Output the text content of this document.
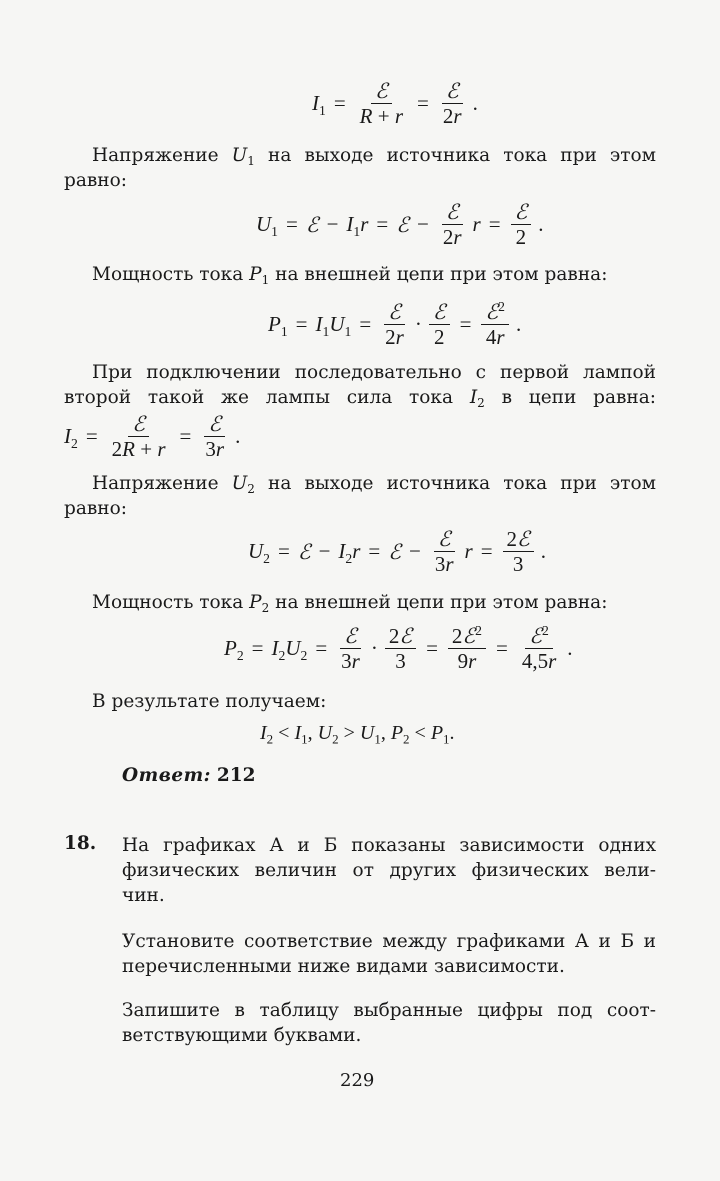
$I_1 = \frac{\text{ℰ}}{R + r} = \frac{\text{ℰ}}{2r}$ .
Напряжение $U_1$ на выходе источника тока при этом
равно:
$U_1$ = ℰ − $I_1r$ = ℰ − $\frac{\text{ℰ}}{2r}$ $r = \frac{\text{ℰ}}{2}$ .
Мощность тока $P_1$ на внешней цепи при этом равна:
$P_1 = I_1U_1 = \frac{\text{ℰ}}{2r} \cdot \frac{\text{ℰ}}{2} = \frac{ℰ^2}{4r}$ .
При подключении последовательно с первой лампой
второй такой же лампы сила тока $I_2$ в цепи равна:
$I_2 = \frac{\text{ℰ}}{2R + r} = \frac{\text{ℰ}}{3r}$ .
Напряжение $U_2$ на выходе источника тока при этом
равно:
$U_2$ = ℰ − $I_2r$ = ℰ − $\frac{\text{ℰ}}{3r}$ $r = \frac{\text{2ℰ}}{3}$ .
Мощность тока $P_2$ на внешней цепи при этом равна:
$P_2 = I_2U_2 = \frac{\text{ℰ}}{3r} \cdot \frac{\text{2ℰ}}{3} = \frac{2ℰ^2}{9r} = \frac{ℰ^2}{4,5r}$ .
В результате получаем:
$I_2 < I_1$, $U_2 > U_1$, $P_2 < P_1$.
Ответ: 212
18. На графиках А и Б показаны зависимости одних
физических величин от других физических вели-
чин.
Установите соответствие между графиками А и Б и
перечисленными ниже видами зависимости.
Запишите в таблицу выбранные цифры под соот-
ветствующими буквами.
229
